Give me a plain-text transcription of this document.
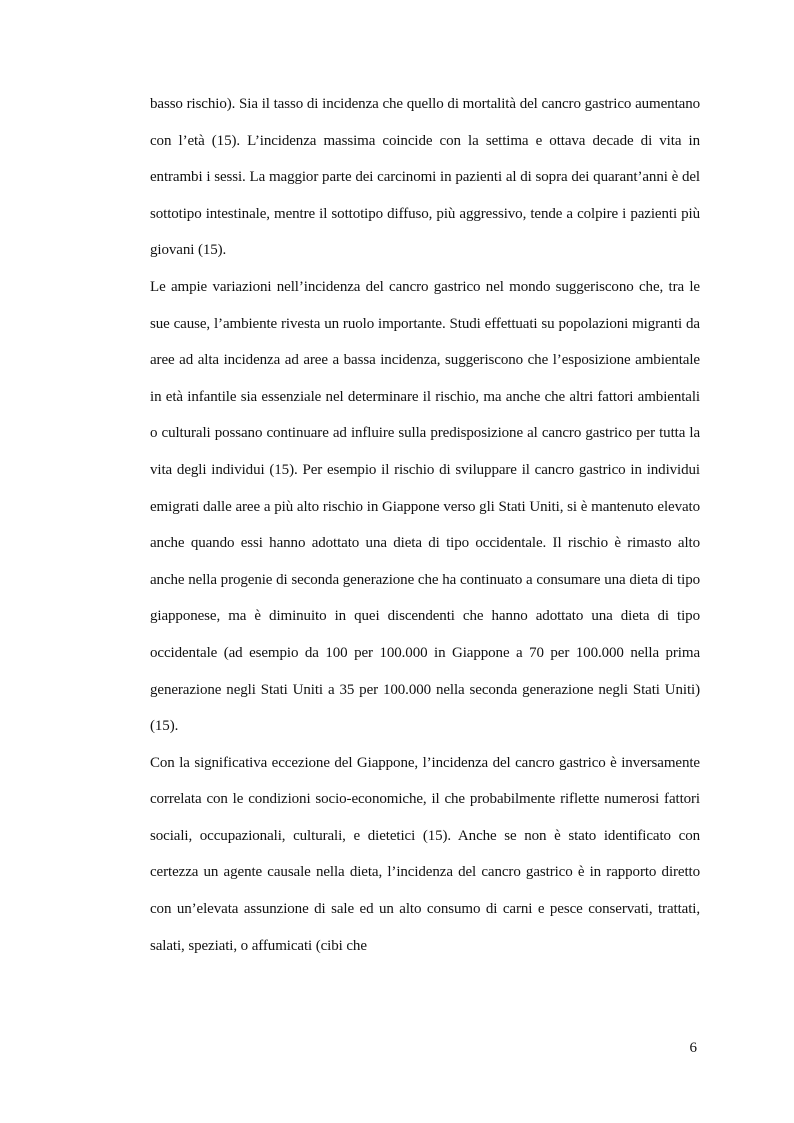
basso rischio). Sia il tasso di incidenza che quello di mortalità del cancro gastrico aumentano con l’età (15). L’incidenza massima coincide con la settima e ottava decade di vita in entrambi i sessi. La maggior parte dei carcinomi in pazienti al di sopra dei quarant’anni è del sottotipo intestinale, mentre il sottotipo diffuso, più aggressivo, tende a colpire i pazienti più giovani (15).

Le ampie variazioni nell’incidenza del cancro gastrico nel mondo suggeriscono che, tra le sue cause, l’ambiente rivesta un ruolo importante. Studi effettuati su popolazioni migranti da aree ad alta incidenza ad aree a bassa incidenza, suggeriscono che l’esposizione ambientale in età infantile sia essenziale nel determinare il rischio, ma anche che altri fattori ambientali o culturali possano continuare ad influire sulla predisposizione al cancro gastrico per tutta la vita degli individui (15). Per esempio il rischio di sviluppare il cancro gastrico in individui emigrati dalle aree a più alto rischio in Giappone verso gli Stati Uniti, si è mantenuto elevato anche quando essi hanno adottato una dieta di tipo occidentale. Il rischio è rimasto alto anche nella progenie di seconda generazione che ha continuato a consumare una dieta di tipo giapponese, ma è diminuito in quei discendenti che hanno adottato una dieta di tipo occidentale (ad esempio da 100 per 100.000 in Giappone a 70 per 100.000 nella prima generazione negli Stati Uniti a 35 per 100.000 nella seconda generazione negli Stati Uniti) (15).

Con la significativa eccezione del Giappone, l’incidenza del cancro gastrico è inversamente correlata con le condizioni socio-economiche, il che probabilmente riflette numerosi fattori sociali, occupazionali, culturali, e dietetici (15). Anche se non è stato identificato con certezza un agente causale nella dieta, l’incidenza del cancro gastrico è in rapporto diretto con un’elevata assunzione di sale ed un alto consumo di carni e pesce conservati, trattati, salati, speziati, o affumicati (cibi che

6
